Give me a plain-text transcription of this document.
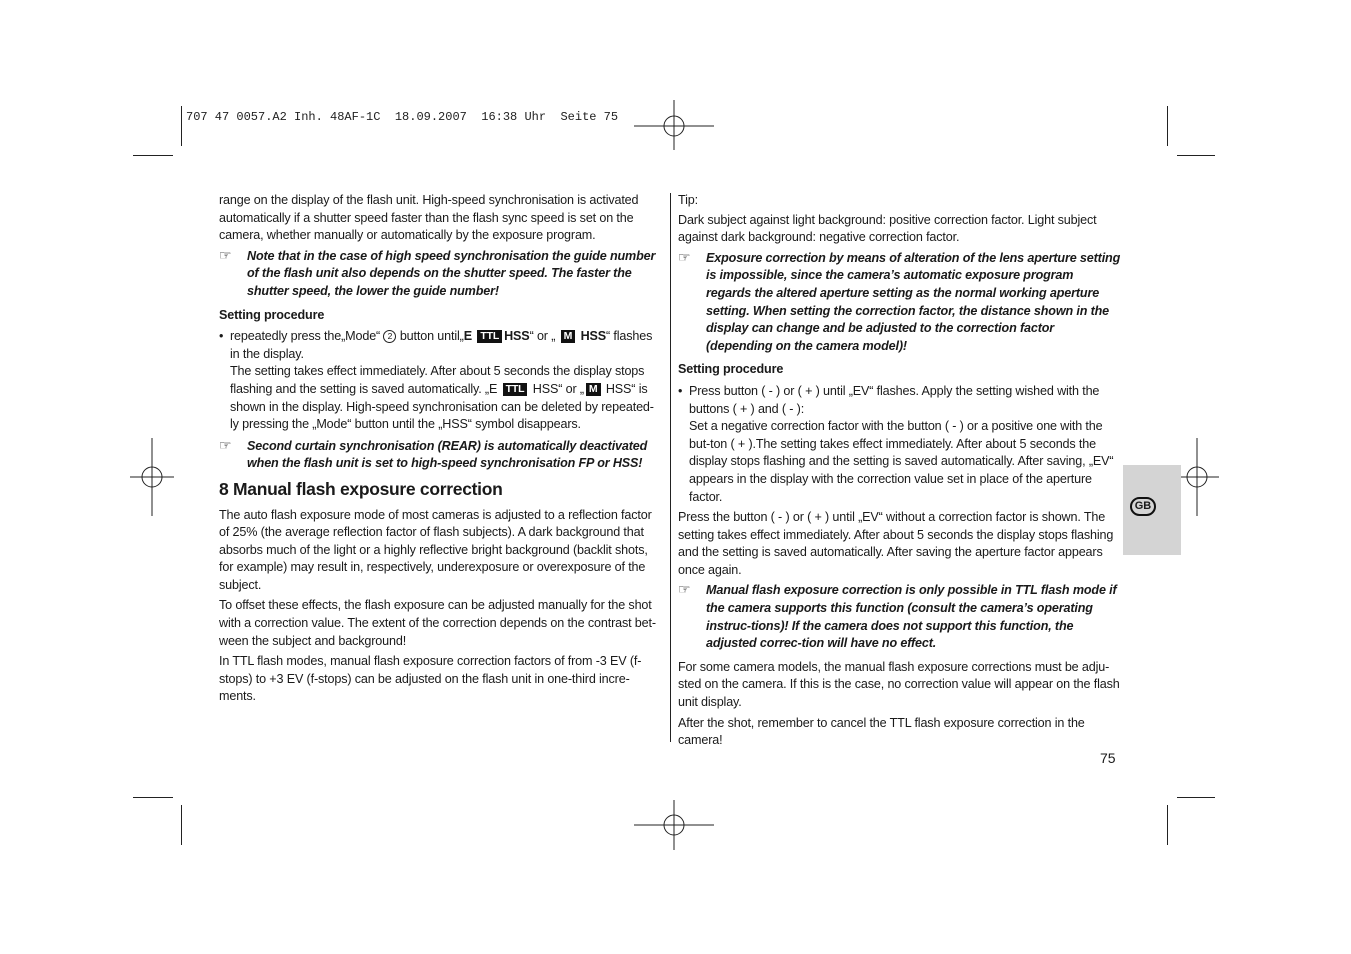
707 47 0057.A2 Inh. 48AF-1C  18.09.2007  16:38 Uhr  Seite 75

range on the display of the flash unit. High-speed synchronisation is activated automatically if a shutter speed faster than the flash sync speed is set on the camera, whether manually or automatically by the exposure program.

☞ Note that in the case of high speed synchronisation the guide number of the flash unit also depends on the shutter speed. The faster the shutter speed, the lower the guide number!
Setting procedure
• repeatedly press the„Mode“ 2 button until„E TTL HSS“ or „ M HSS“ flashes in the display.
The setting takes effect immediately. After about 5 seconds the display stops flashing and the setting is saved automatically. „E TTL HSS“ or „ M HSS“ is shown in the display. High-speed synchronisation can be deleted by repeated-ly pressing the „Mode“ button until the „HSS“ symbol disappears.
☞ Second curtain synchronisation (REAR) is automatically deactivated when the flash unit is set to high-speed synchronisation FP or HSS!
8 Manual flash exposure correction

The auto flash exposure mode of most cameras is adjusted to a reflection factor of 25% (the average reflection factor of flash subjects). A dark background that absorbs much of the light or a highly reflective bright background (backlit shots, for example) may result in, respectively, underexposure or overexposure of the subject.

To offset these effects, the flash exposure can be adjusted manually for the shot with a correction value. The extent of the correction depends on the contrast bet-ween the subject and background!

In TTL flash modes, manual flash exposure correction factors of from -3 EV (f-stops) to +3 EV (f-stops) can be adjusted on the flash unit in one-third incre-ments.

Tip:

Dark subject against light background: positive correction factor. Light subject against dark background: negative correction factor.

☞ Exposure correction by means of alteration of the lens aperture setting is impossible, since the camera’s automatic exposure program regards the altered aperture setting as the normal working aperture setting. When setting the correction factor, the distance shown in the display can change and be adjusted to the correction factor (depending on the camera model)!
Setting procedure
• Press button ( - ) or ( + ) until „EV“ flashes. Apply the setting wished with the buttons ( + ) and ( - ):
Set a negative correction factor with the button ( - ) or a positive one with the but-ton ( + ).The setting takes effect immediately. After about 5 seconds the display stops flashing and the setting is saved automatically. After saving, „EV“ appears in the display with the correction value set in place of the aperture factor.

Press the button ( - ) or ( + ) until „EV“ without a correction factor is shown. The setting takes effect immediately. After about 5 seconds the display stops flashing and the setting is saved automatically. After saving the aperture factor appears once again.

☞ Manual flash exposure correction is only possible in TTL flash mode if the camera supports this function (consult the camera’s operating instruc-tions)! If the camera does not support this function, the adjusted correc-tion will have no effect.

For some camera models, the manual flash exposure corrections must be adju-sted on the camera. If this is the case, no correction value will appear on the flash unit display.

After the shot, remember to cancel the TTL flash exposure correction in the camera!

GB
75
